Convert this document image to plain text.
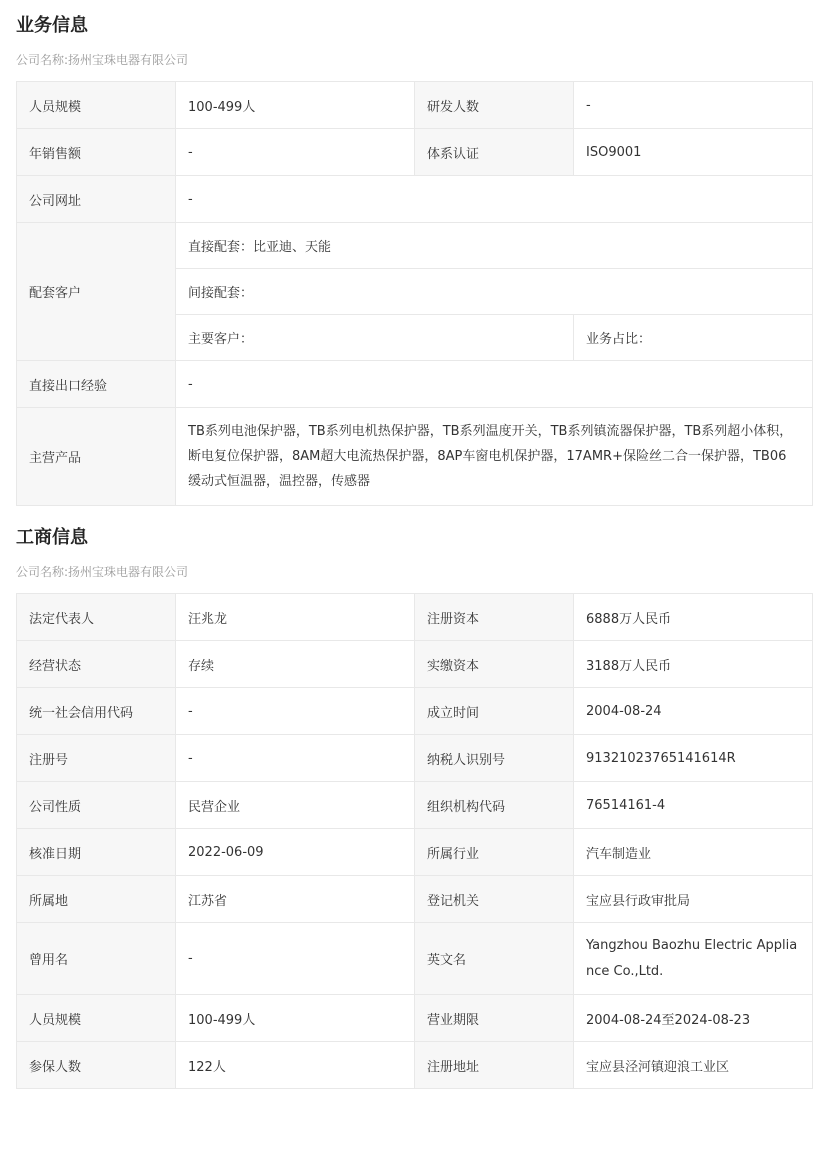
业务信息
公司名称:扬州宝珠电器有限公司
人员规模	100-499人	研发人数	-
年销售额	-	体系认证	ISO9001
公司网址	-		
配套客户	直接配套：比亚迪、天能		
	间接配套：		
	主要客户：		业务占比：
直接出口经验	-		
主营产品	TB系列电池保护器，TB系列电机热保护器，TB系列温度开关，TB系列镇流器保护器，TB系列超小体积，断电复位保护器，8AM超大电流热保护器，8AP车窗电机保护器，17AMR+保险丝二合一保护器，TB06 缓动式恒温器，温控器，传感器		
工商信息
公司名称:扬州宝珠电器有限公司
法定代表人	汪兆龙	注册资本	6888万人民币
经营状态	存续	实缴资本	3188万人民币
统一社会信用代码	-	成立时间	2004-08-24
注册号	-	纳税人识别号	91321023765141614R
公司性质	民营企业	组织机构代码	76514161-4
核准日期	2022-06-09	所属行业	汽车制造业
所属地	江苏省	登记机关	宝应县行政审批局
曾用名	-	英文名	Yangzhou Baozhu Electric Appliance Co.,Ltd.
人员规模	100-499人	营业期限	2004-08-24至2024-08-23
参保人数	122人	注册地址	宝应县泾河镇迎浪工业区
